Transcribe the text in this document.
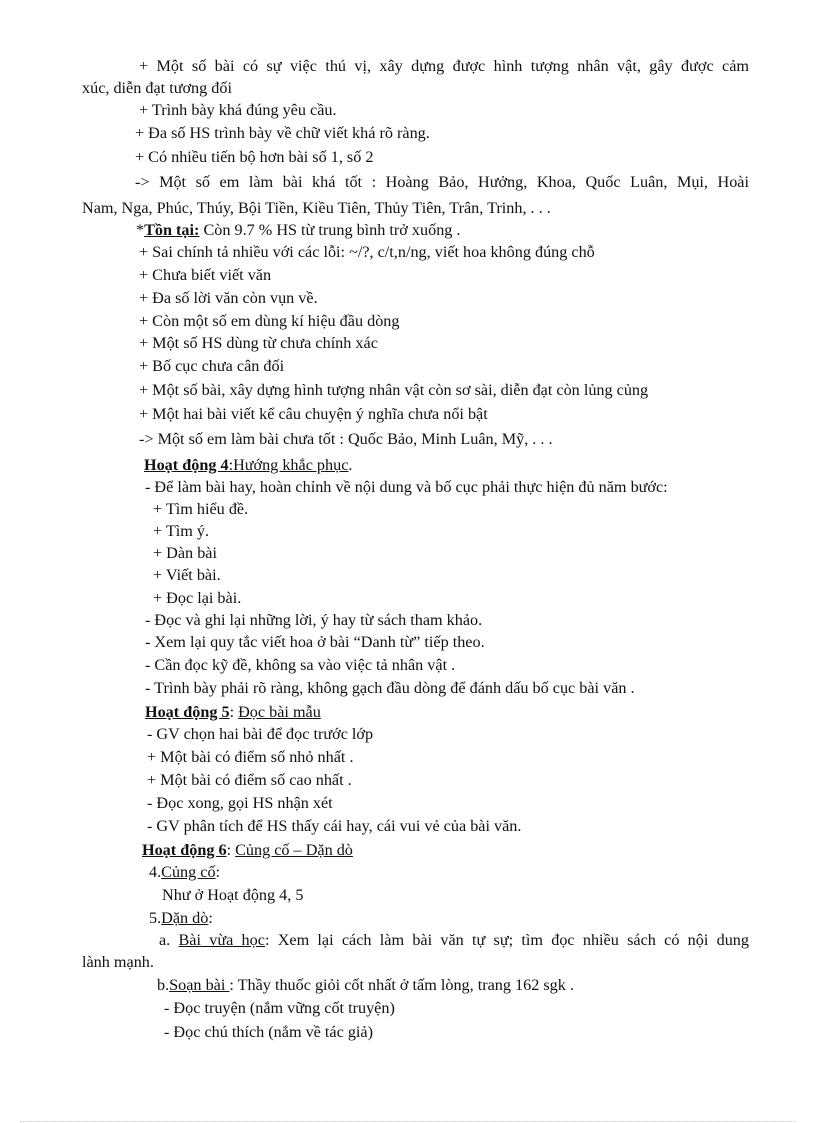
+ Một số bài có sự việc thú vị, xây dựng được hình tượng nhân vật, gây được cảm
xúc, diễn đạt tương đối
+ Trình bày khá đúng yêu cầu.
+ Đa số HS trình bày về chữ viết khá rõ ràng.
+ Có nhiều tiến bộ hơn bài số 1, số 2
-> Một số em làm bài khá tốt : Hoàng Bảo, Hưởng, Khoa, Quốc Luân, Mụi, Hoài
Nam, Nga, Phúc, Thúy, Bội Tiền, Kiều Tiên, Thủy Tiên, Trân, Trinh, . . .
*Tồn tại: Còn 9.7 % HS từ trung bình trở xuống .
+ Sai chính tả nhiều với các lỗi: ~/?, c/t,n/ng, viết hoa không đúng chỗ
+ Chưa biết viết văn
+ Đa số lời văn còn vụn về.
+ Còn một số em dùng kí hiệu đầu dòng
+ Một số HS dùng từ chưa chính xác
+ Bố cục chưa cân đối
+ Một số bài, xây dựng hình tượng nhân vật còn sơ sài, diễn đạt còn lủng củng
+ Một hai bài viết kể câu chuyện ý nghĩa chưa nổi bật
-> Một số em làm bài chưa tốt : Quốc Bảo, Minh Luân, Mỹ, . . .
Hoạt động 4:Hướng khắc phục.
- Để làm bài hay, hoàn chỉnh về nội dung và bố cục phải thực hiện đủ năm bước:
+ Tìm hiểu đề.
+ Tìm ý.
+ Dàn bài
+ Viết bài.
+ Đọc lại bài.
- Đọc và ghi lại những lời, ý hay từ sách tham khảo.
- Xem lại quy tắc viết hoa ở bài “Danh từ” tiếp theo.
- Cần đọc kỹ đề, không sa vào việc tả nhân vật .
- Trình bày phải rõ ràng, không gạch đầu dòng để đánh dấu bố cục bài văn .
Hoạt động 5: Đọc bài mẫu
- GV chọn hai bài để đọc trước lớp
+ Một bài có điểm số nhỏ nhất .
+ Một bài có điểm số cao nhất .
- Đọc xong, gọi HS nhận xét
- GV phân tích để HS thấy cái hay, cái vui vẻ của bài văn.
Hoạt động 6: Củng cố – Dặn dò
4.Củng cố:
Như ở Hoạt động 4, 5
5.Dặn dò:
a. Bài vừa học: Xem lại cách làm bài văn tự sự; tìm đọc nhiều sách có nội dung
lành mạnh.
b.Soạn bài : Thầy thuốc giỏi cốt nhất ở tấm lòng, trang 162 sgk .
- Đọc truyện (nắm vững cốt truyện)
- Đọc chú thích (nắm về tác giả)
